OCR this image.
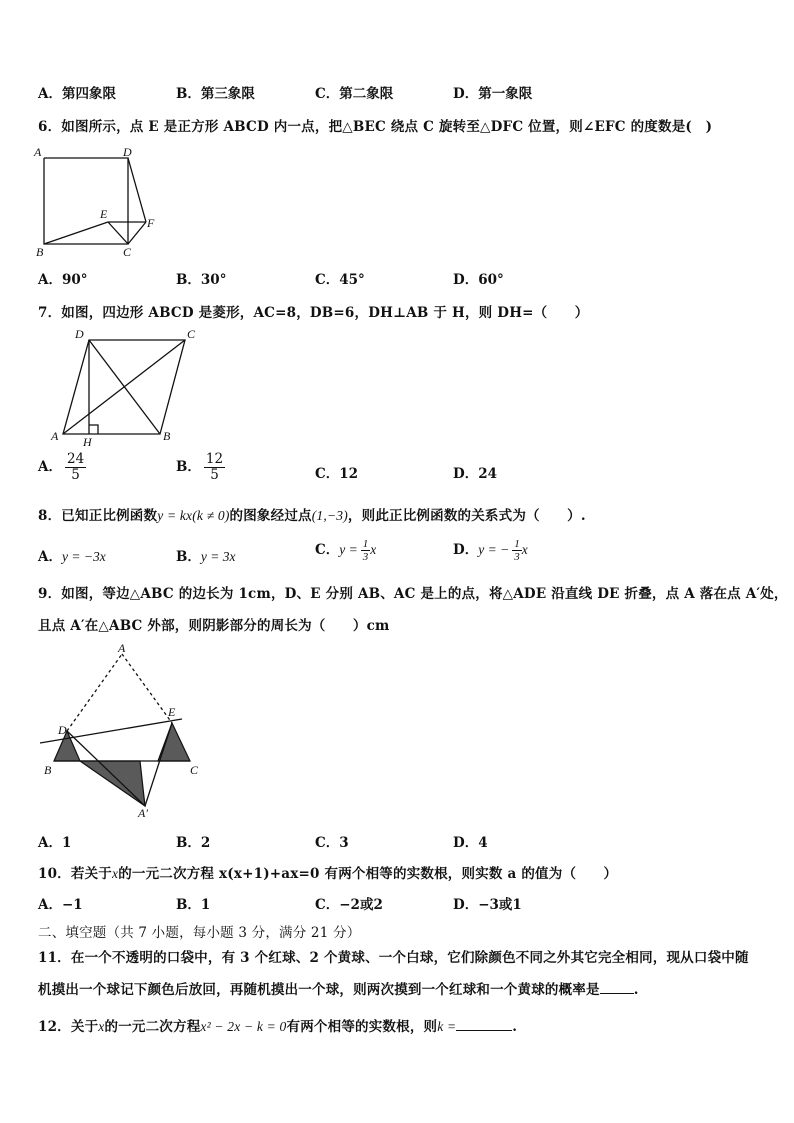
A．第四象限	B．第三象限	C．第二象限	D．第一象限
6．如图所示，点 E 是正方形 ABCD 内一点，把△BEC 绕点 C 旋转至△DFC 位置，则∠EFC 的度数是(　)
A	D
E
F
B	C
A．90°	B．30°	C．45°	D．60°
7．如图，四边形 ABCD 是菱形，AC=8，DB=6，DH⊥AB 于 H，则 DH=（　　）
D	C
A H	B
A． $\frac{24}{5}$	B． $\frac{12}{5}$	C．12	D．24
8．已知正比例函数y = kx(k ≠ 0)的图象经过点(1,−3)，则此正比例函数的关系式为（　　）.
A．y = −3x	B．y = 3x	C．$y = \frac{1}{3}$ x	D．y = − $\frac{1}{3}$ x
9．如图，等边△ABC 的边长为 1cm，D、E 分别 AB、AC 是上的点，将△ADE 沿直线 DE 折叠，点 A 落在点 A′处，
且点 A′在△ABC 外部，则阴影部分的周长为（　　）cm
A
D
E
B	C
A′
A．1	B．2	C．3	D．4
10．若关于x的一元二次方程 x(x+1)+ax=0 有两个相等的实数根，则实数 a 的值为（　　）
A．−1	B．1	C．−2或2	D．−3或1
二、填空题（共 7 小题，每小题 3 分，满分 21 分）
11．在一个不透明的口袋中，有 3 个红球、2 个黄球、一个白球，它们除颜色不同之外其它完全相同，现从口袋中随
机摸出一个球记下颜色后放回，再随机摸出一个球，则两次摸到一个红球和一个黄球的概率是	.
12．关于x的一元二次方程x² − 2x − k = 0有两个相等的实数根，则k =	.
